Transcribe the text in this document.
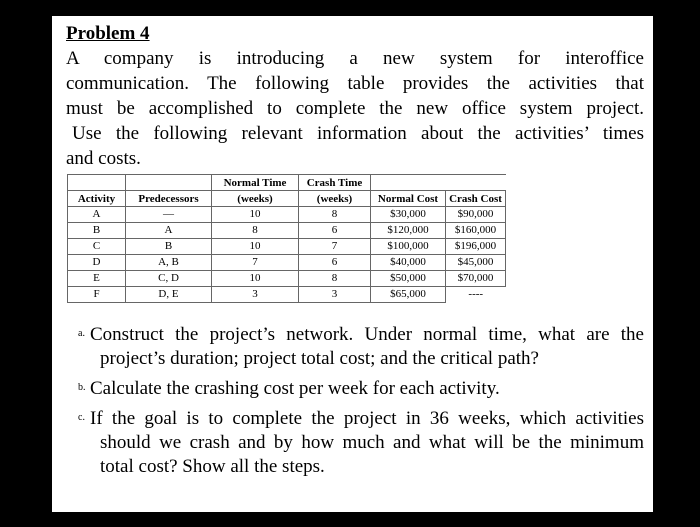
Problem 4

A company is introducing a new system for interoffice
communication. The following table provides the activities that
must be accomplished to complete the new office system project.
Use the following relevant information about the activities’ times
and costs.

		Normal Time	Crash Time		
Activity	Predecessors	(weeks)	(weeks)	Normal Cost	Crash Cost
A	—	10	8	$30,000	$90,000
B	A	8	6	$120,000	$160,000
C	B	10	7	$100,000	$196,000
D	A, B	7	6	$40,000	$45,000
E	C, D	10	8	$50,000	$70,000
F	D, E	3	3	$65,000	----
a. Construct the project’s network. Under normal time, what are the
project’s duration; project total cost; and the critical path?
b. Calculate the crashing cost per week for each activity.
c. If the goal is to complete the project in 36 weeks, which activities
should we crash and by how much and what will be the minimum
total cost? Show all the steps.
